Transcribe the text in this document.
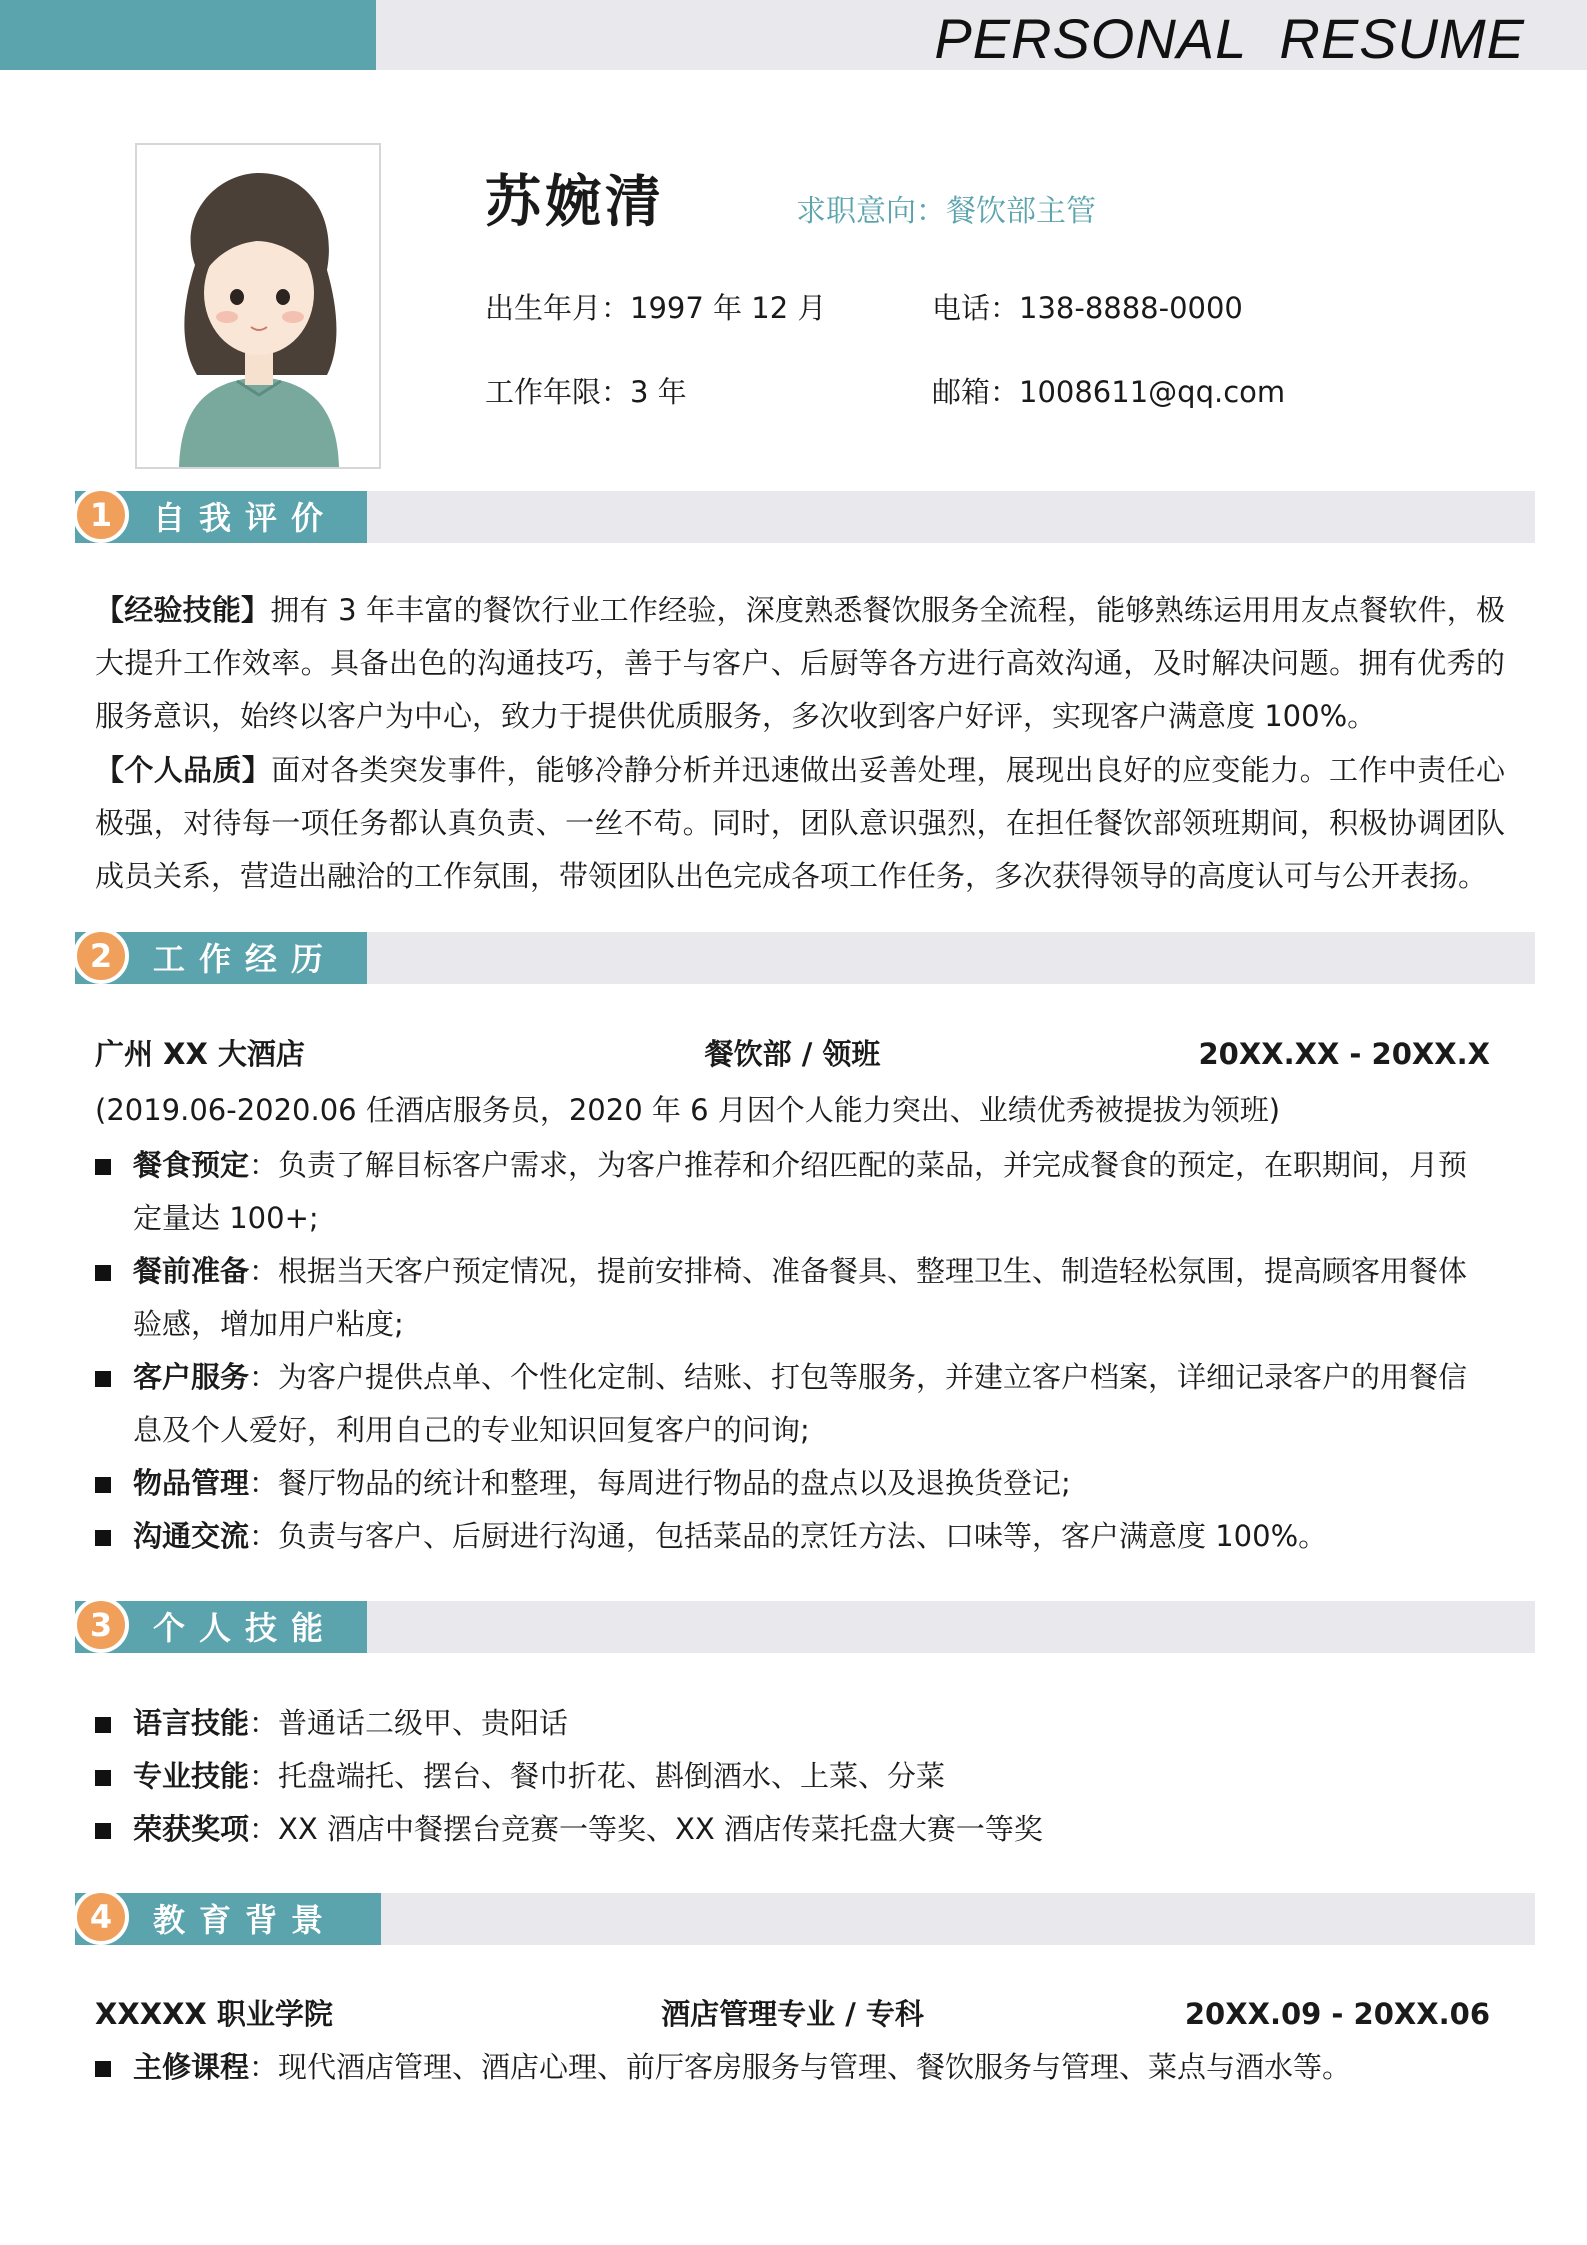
PERSONAL  RESUME
苏婉清	求职意向：餐饮部主管
出生年月：1997 年 12 月	电话：138-8888-0000
工作年限：3 年	邮箱：1008611@qq.com
1	自我评价
【经验技能】拥有 3 年丰富的餐饮行业工作经验，深度熟悉餐饮服务全流程，能够熟练运用用友点餐软件，极大提升工作效率。具备出色的沟通技巧，善于与客户、后厨等各方进行高效沟通，及时解决问题。拥有优秀的服务意识，始终以客户为中心，致力于提供优质服务，多次收到客户好评，实现客户满意度 100%。
【个人品质】面对各类突发事件，能够冷静分析并迅速做出妥善处理，展现出良好的应变能力。工作中责任心极强，对待每一项任务都认真负责、一丝不苟。同时，团队意识强烈，在担任餐饮部领班期间，积极协调团队成员关系，营造出融洽的工作氛围，带领团队出色完成各项工作任务，多次获得领导的高度认可与公开表扬。
2	工作经历
广州 XX 大酒店	餐饮部 / 领班	20XX.XX - 20XX.X
(2019.06-2020.06 任酒店服务员，2020 年 6 月因个人能力突出、业绩优秀被提拔为领班)
餐食预定：负责了解目标客户需求，为客户推荐和介绍匹配的菜品，并完成餐食的预定，在职期间，月预定量达 100+;
餐前准备：根据当天客户预定情况，提前安排椅、准备餐具、整理卫生、制造轻松氛围，提高顾客用餐体验感，增加用户粘度;
客户服务：为客户提供点单、个性化定制、结账、打包等服务，并建立客户档案，详细记录客户的用餐信息及个人爱好，利用自己的专业知识回复客户的问询;
物品管理：餐厅物品的统计和整理，每周进行物品的盘点以及退换货登记;
沟通交流：负责与客户、后厨进行沟通，包括菜品的烹饪方法、口味等，客户满意度 100%。
3	个人技能
语言技能：普通话二级甲、贵阳话
专业技能：托盘端托、摆台、餐巾折花、斟倒酒水、上菜、分菜
荣获奖项：XX 酒店中餐摆台竞赛一等奖、XX 酒店传菜托盘大赛一等奖
4	教育背景
XXXXX 职业学院	酒店管理专业 / 专科	20XX.09 - 20XX.06
主修课程：现代酒店管理、酒店心理、前厅客房服务与管理、餐饮服务与管理、菜点与酒水等。
